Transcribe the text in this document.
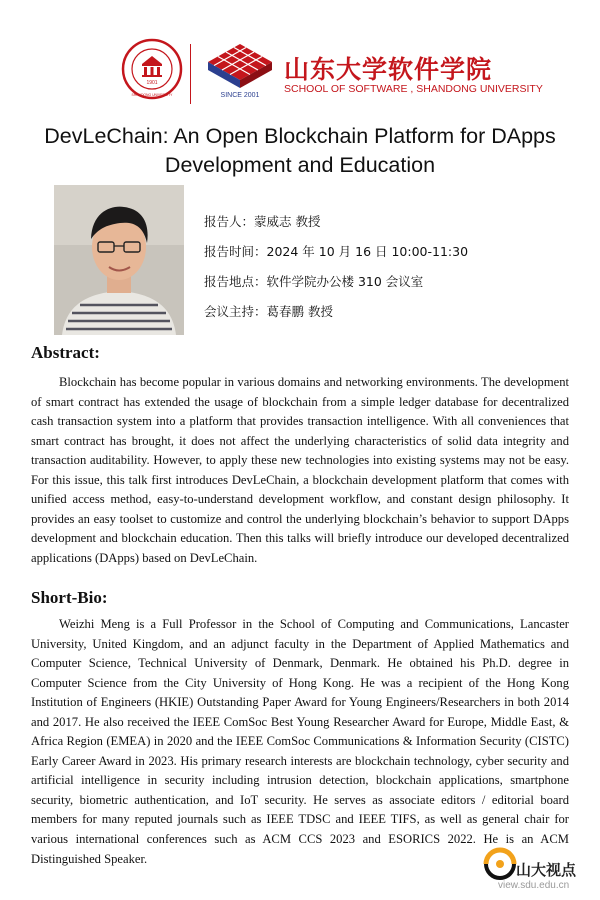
1901
SHANDONG UNIVERSITY	SINCE 2001
山东大学软件学院
SCHOOL OF SOFTWARE , SHANDONG UNIVERSITY
DevLeChain: An Open Blockchain Platform for DApps Development and Education
报告人：蒙威志 教授
报告时间：2024 年 10 月 16 日 10:00-11:30
报告地点：软件学院办公楼 310 会议室
会议主持：葛春鹏 教授
Abstract:

Blockchain has become popular in various domains and networking environments. The development of smart contract has extended the usage of blockchain from a simple ledger database for decentralized cash transaction system into a platform that provides transaction intelligence. With all conveniences that smart contract has brought, it does not affect the underlying characteristics of solid data integrity and transaction auditability. However, to apply these new technologies into existing systems may not be easy. For this issue, this talk first introduces DevLeChain, a blockchain development platform that comes with unified access method, easy-to-understand development workflow, and constant design philosophy. It provides an easy toolset to customize and control the underlying blockchain’s behavior to support DApps development and blockchain education. Then this talks will briefly introduce our developed decentralized applications (DApps) based on DevLeChain.

Short-Bio:

Weizhi Meng is a Full Professor in the School of Computing and Communications, Lancaster University, United Kingdom, and an adjunct faculty in the Department of Applied Mathematics and Computer Science, Technical University of Denmark, Denmark. He obtained his Ph.D. degree in Computer Science from the City University of Hong Kong. He was a recipient of the Hong Kong Institution of Engineers (HKIE) Outstanding Paper Award for Young Engineers/Researchers in both 2014 and 2017. He also received the IEEE ComSoc Best Young Researcher Award for Europe, Middle East, & Africa Region (EMEA) in 2020 and the IEEE ComSoc Communications & Information Security (CISTC) Early Career Award in 2023. His primary research interests are blockchain technology, cyber security and artificial intelligence in security including intrusion detection, blockchain applications, smartphone security, biometric authentication, and IoT security. He serves as associate editors / editorial board members for many reputed journals such as IEEE TDSC and IEEE TIFS, as well as general chair for various international conferences such as ACM CCS 2023 and ESORICS 2022. He is an ACM Distinguished Speaker.

山大视点
view.sdu.edu.cn
